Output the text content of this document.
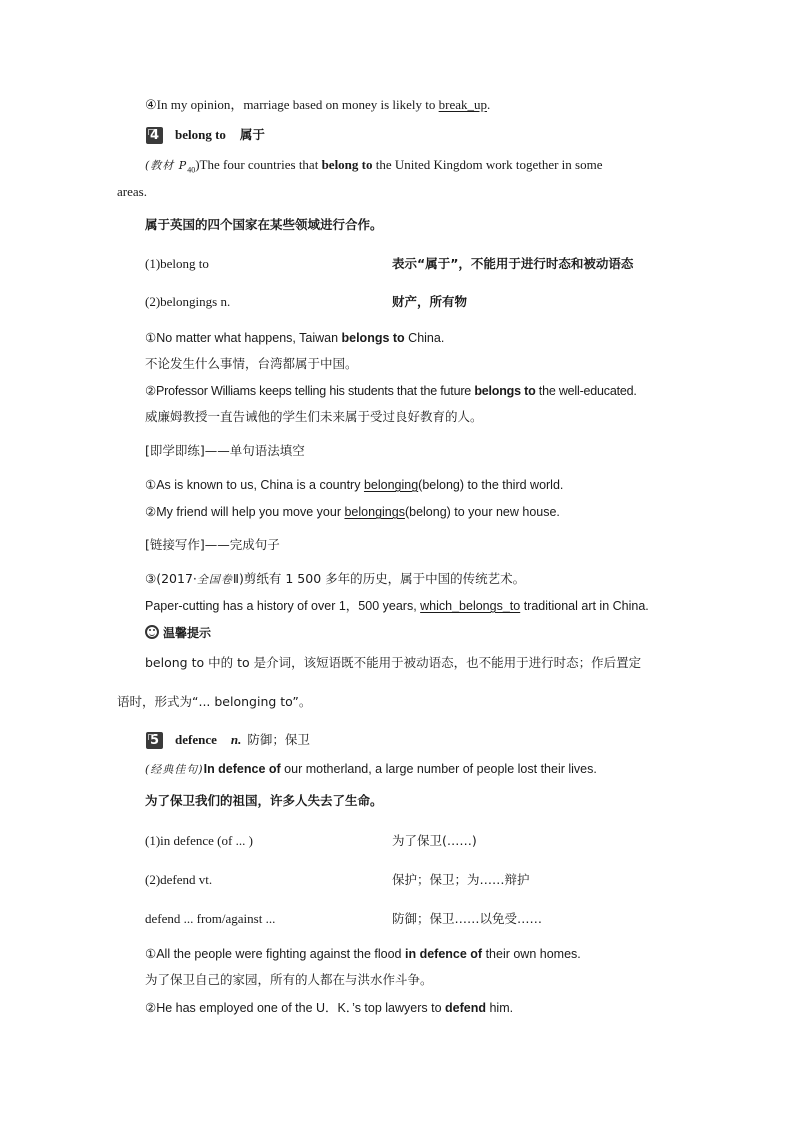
④In my opinion，marriage based on money is likely to break_up.
4 belong to 属于
(教材 $P_{40})The$ four countries that belong to the United Kingdom work together in some
areas.
属于英国的四个国家在某些领域进行合作。
(1)belong to	表示“属于”，不能用于进行时态和被动语态
(2)belongings n.	财产，所有物
①No matter what happens, Taiwan belongs to China.
不论发生什么事情，台湾都属于中国。
②Professor Williams keeps telling his students that the future belongs to the well-educated.
威廉姆教授一直告诫他的学生们未来属于受过良好教育的人。
[即学即练]——单句语法填空
①As is known to us, China is a country belonging(belong) to the third world.
②My friend will help you move your belongings(belong) to your new house.
[链接写作]——完成句子
③(2017·全国卷Ⅱ)剪纸有 1 500 多年的历史，属于中国的传统艺术。
Paper-cutting has a history of over 1，500 years, which_belongs_to traditional art in China.
温馨提示
belong to 中的 to 是介词，该短语既不能用于被动语态，也不能用于进行时态；作后置定
语时，形式为“... belonging to”。
5 defence n. 防御；保卫
(经典佳句)In defence of our motherland, a large number of people lost their lives.
为了保卫我们的祖国，许多人失去了生命。
(1)in defence (of ... )	为了保卫(……)
(2)defend vt.	保护；保卫；为……辩护
defend ... from/against ...	防御；保卫……以免受……
①All the people were fighting against the flood in defence of their own homes.
为了保卫自己的家园，所有的人都在与洪水作斗争。
②He has employed one of the U．K．’s top lawyers to defend him.
